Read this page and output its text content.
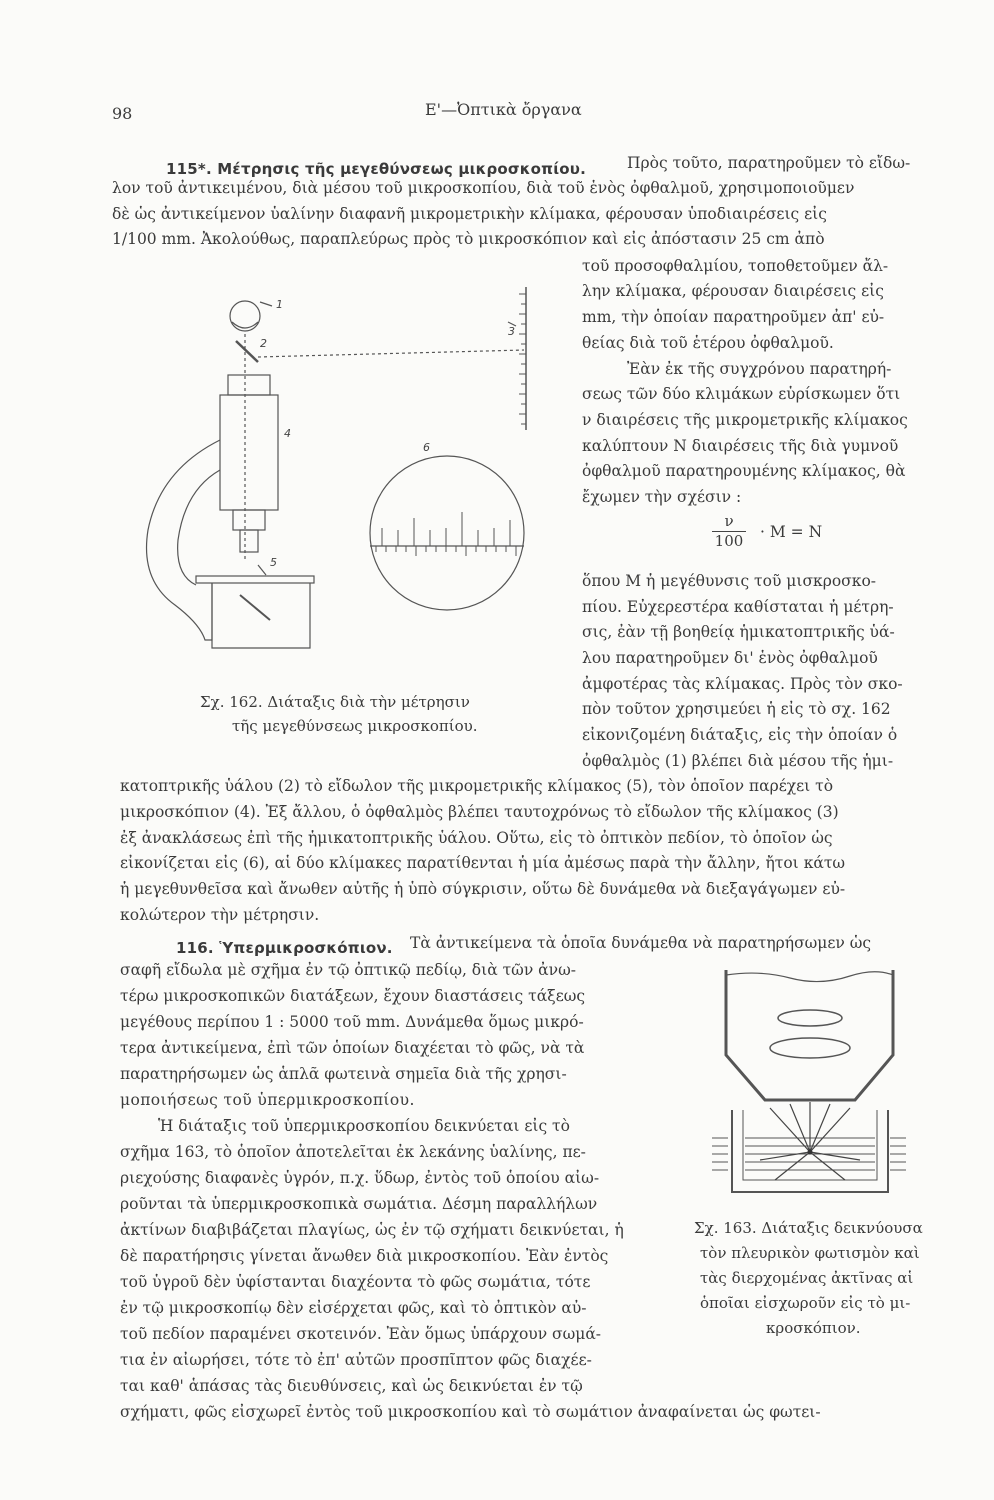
98	Ε'—Ὀπτικὰ ὄργανα
115*. Μέτρησις τῆς μεγεθύνσεως μικροσκοπίου.	Πρὸς τοῦτο, παρατηροῦμεν τὸ εἴδω-
λον τοῦ ἀντικειμένου, διὰ μέσου τοῦ μικροσκοπίου, διὰ τοῦ ἑνὸς ὀφθαλμοῦ, χρησιμοποιοῦμεν
δὲ ὡς ἀντικείμενον ὑαλίνην διαφανῆ μικρομετρικὴν κλίμακα, φέρουσαν ὑποδιαιρέσεις εἰς
1/100 mm. Ἀκολούθως, παραπλεύρως πρὸς τὸ μικροσκόπιον καὶ εἰς ἀπόστασιν 25 cm ἀπὸ
τοῦ προσοφθαλμίου, τοποθετοῦμεν ἄλ-
λην κλίμακα, φέρουσαν διαιρέσεις εἰς
mm, τὴν ὁποίαν παρατηροῦμεν ἀπ' εὐ-
θείας διὰ τοῦ ἑτέρου ὀφθαλμοῦ.
Ἐὰν ἐκ τῆς συγχρόνου παρατηρή-
σεως τῶν δύο κλιμάκων εὑρίσκωμεν ὅτι
ν διαιρέσεις τῆς μικρομετρικῆς κλίμακος
καλύπτουν Ν διαιρέσεις τῆς διὰ γυμνοῦ
ὀφθαλμοῦ παρατηρουμένης κλίμακος, θὰ
ἔχωμεν τὴν σχέσιν :
ν
100	· Μ = Ν
ὅπου Μ ἡ μεγέθυνσις τοῦ μισκροσκο-
πίου. Εὐχερεστέρα καθίσταται ἡ μέτρη-
σις, ἐὰν τῇ βοηθείᾳ ἡμικατοπτρικῆς ὑά-
λου παρατηροῦμεν δι' ἑνὸς ὀφθαλμοῦ
ἀμφοτέρας τὰς κλίμακας. Πρὸς τὸν σκο-
πὸν τοῦτον χρησιμεύει ἡ εἰς τὸ σχ. 162
εἰκονιζομένη διάταξις, εἰς τὴν ὁποίαν ὁ
ὀφθαλμὸς (1) βλέπει διὰ μέσου τῆς ἡμι-
κατοπτρικῆς ὑάλου (2) τὸ εἴδωλον τῆς μικρομετρικῆς κλίμακος (5), τὸν ὁποῖον παρέχει τὸ
μικροσκόπιον (4). Ἐξ ἄλλου, ὁ ὀφθαλμὸς βλέπει ταυτοχρόνως τὸ εἴδωλον τῆς κλίμακος (3)
ἐξ ἀνακλάσεως ἐπὶ τῆς ἡμικατοπτρικῆς ὑάλου. Οὕτω, εἰς τὸ ὀπτικὸν πεδίον, τὸ ὁποῖον ὡς
εἰκονίζεται εἰς (6), αἱ δύο κλίμακες παρατίθενται ἡ μία ἀμέσως παρὰ τὴν ἄλλην, ἤτοι κάτω
ἡ μεγεθυνθεῖσα καὶ ἄνωθεν αὐτῆς ἡ ὑπὸ σύγκρισιν, οὕτω δὲ δυνάμεθα νὰ διεξαγάγωμεν εὐ-
κολώτερον τὴν μέτρησιν.
1
2
3
4
5
6
Σχ. 162. Διάταξις διὰ τὴν μέτρησιν
τῆς μεγεθύνσεως μικροσκοπίου.
116. Ὑπερμικροσκόπιον. Τὰ ἀντικείμενα τὰ ὁποῖα δυνάμεθα νὰ παρατηρήσωμεν ὡς
σαφῆ εἴδωλα μὲ σχῆμα ἐν τῷ ὀπτικῷ πεδίῳ, διὰ τῶν ἀνω-
τέρω μικροσκοπικῶν διατάξεων, ἔχουν διαστάσεις τάξεως
μεγέθους περίπου 1 : 5000 τοῦ mm. Δυνάμεθα ὅμως μικρό-
τερα ἀντικείμενα, ἐπὶ τῶν ὁποίων διαχέεται τὸ φῶς, νὰ τὰ
παρατηρήσωμεν ὡς ἁπλᾶ φωτεινὰ σημεῖα διὰ τῆς χρησι-
μοποιήσεως τοῦ ὑπερμικροσκοπίου.
Ἡ διάταξις τοῦ ὑπερμικροσκοπίου δεικνύεται εἰς τὸ
σχῆμα 163, τὸ ὁποῖον ἀποτελεῖται ἐκ λεκάνης ὑαλίνης, πε-
ριεχούσης διαφανὲς ὑγρόν, π.χ. ὕδωρ, ἐντὸς τοῦ ὁποίου αἰω-
ροῦνται τὰ ὑπερμικροσκοπικὰ σωμάτια. Δέσμη παραλλήλων
ἀκτίνων διαβιβάζεται πλαγίως, ὡς ἐν τῷ σχήματι δεικνύεται, ἡ
δὲ παρατήρησις γίνεται ἄνωθεν διὰ μικροσκοπίου. Ἐὰν ἐντὸς
τοῦ ὑγροῦ δὲν ὑφίστανται διαχέοντα τὸ φῶς σωμάτια, τότε
ἐν τῷ μικροσκοπίῳ δὲν εἰσέρχεται φῶς, καὶ τὸ ὀπτικὸν αὐ-
τοῦ πεδίον παραμένει σκοτεινόν. Ἐὰν ὅμως ὑπάρχουν σωμά-
τια ἐν αἰωρήσει, τότε τὸ ἐπ' αὐτῶν προσπῖπτον φῶς διαχέε-
ται καθ' ἁπάσας τὰς διευθύνσεις, καὶ ὡς δεικνύεται ἐν τῷ
σχήματι, φῶς εἰσχωρεῖ ἐντὸς τοῦ μικροσκοπίου καὶ τὸ σωμάτιον ἀναφαίνεται ὡς φωτει-
Σχ. 163. Διάταξις δεικνύουσα
τὸν πλευρικὸν φωτισμὸν καὶ
τὰς διερχομένας ἀκτῖνας αἱ
ὁποῖαι εἰσχωροῦν εἰς τὸ μι-
κροσκόπιον.
